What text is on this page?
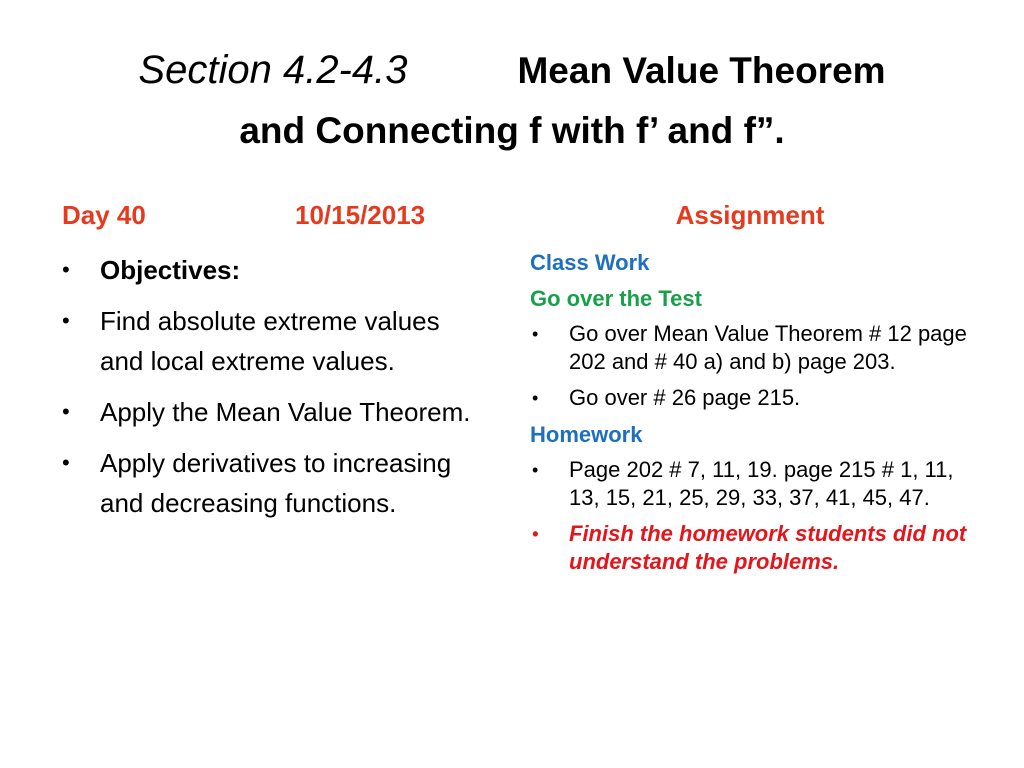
Section 4.2-4.3	Mean Value Theorem
and Connecting f with f’ and f”.
Day 40	10/15/2013
• Objectives:
• Find absolute extreme values and local extreme values.
• Apply the Mean Value Theorem.
• Apply derivatives to increasing and decreasing functions.
Assignment
Class Work
Go over the Test
• Go over Mean Value Theorem # 12 page 202 and # 40 a) and b) page 203.
• Go over # 26 page 215.
Homework
• Page 202 # 7, 11, 19. page 215 # 1, 11, 13, 15, 21, 25, 29, 33, 37, 41, 45, 47.
• Finish the homework students did not understand the problems.
